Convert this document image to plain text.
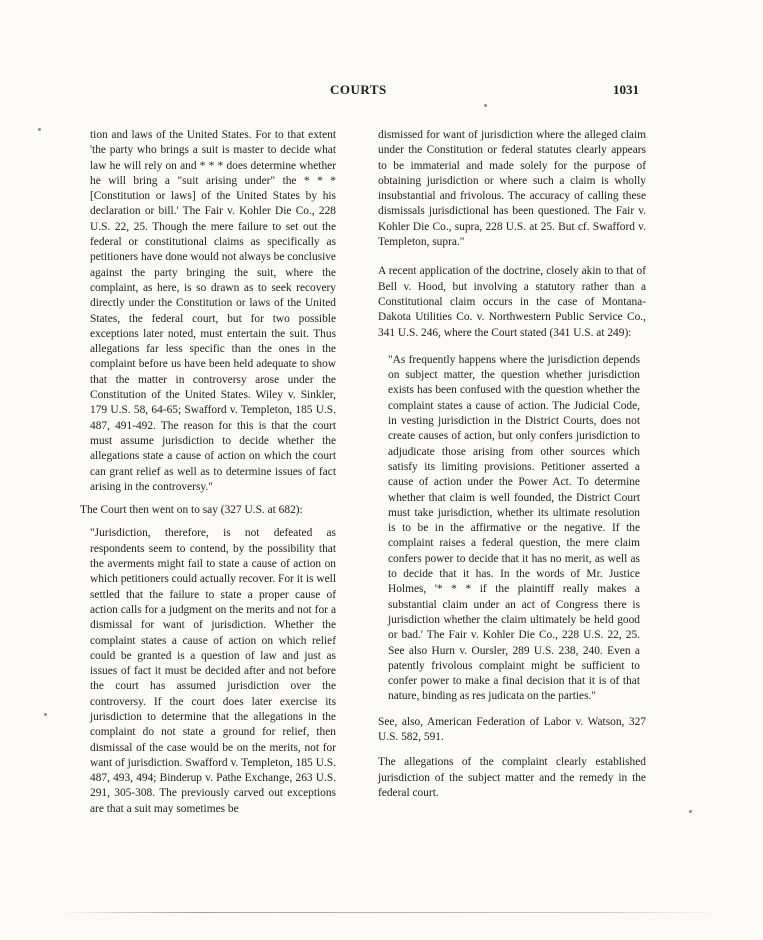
COURTS	1031

tion and laws of the United States. For to that extent 'the party who brings a suit is master to decide what law he will rely on and * * * does determine whether he will bring a "suit arising under" the * * * [Constitution or laws] of the United States by his declaration or bill.' The Fair v. Kohler Die Co., 228 U.S. 22, 25. Though the mere failure to set out the federal or constitutional claims as specifically as petitioners have done would not always be conclusive against the party bringing the suit, where the complaint, as here, is so drawn as to seek recovery directly under the Constitution or laws of the United States, the federal court, but for two possible exceptions later noted, must entertain the suit. Thus allegations far less specific than the ones in the complaint before us have been held adequate to show that the matter in controversy arose under the Constitution of the United States. Wiley v. Sinkler, 179 U.S. 58, 64-65; Swafford v. Templeton, 185 U.S. 487, 491-492. The reason for this is that the court must assume jurisdiction to decide whether the allegations state a cause of action on which the court can grant relief as well as to determine issues of fact arising in the controversy."

The Court then went on to say (327 U.S. at 682):

"Jurisdiction, therefore, is not defeated as respondents seem to contend, by the possibility that the averments might fail to state a cause of action on which petitioners could actually recover. For it is well settled that the failure to state a proper cause of action calls for a judgment on the merits and not for a dismissal for want of jurisdiction. Whether the complaint states a cause of action on which relief could be granted is a question of law and just as issues of fact it must be decided after and not before the court has assumed jurisdiction over the controversy. If the court does later exercise its jurisdiction to determine that the allegations in the complaint do not state a ground for relief, then dismissal of the case would be on the merits, not for want of jurisdiction. Swafford v. Templeton, 185 U.S. 487, 493, 494; Binderup v. Pathe Exchange, 263 U.S. 291, 305-308. The previously carved out exceptions are that a suit may sometimes be

dismissed for want of jurisdiction where the alleged claim under the Constitution or federal statutes clearly appears to be immaterial and made solely for the purpose of obtaining jurisdiction or where such a claim is wholly insubstantial and frivolous. The accuracy of calling these dismissals jurisdictional has been questioned. The Fair v. Kohler Die Co., supra, 228 U.S. at 25. But cf. Swafford v. Templeton, supra."

A recent application of the doctrine, closely akin to that of Bell v. Hood, but involving a statutory rather than a Constitutional claim occurs in the case of Montana-Dakota Utilities Co. v. Northwestern Public Service Co., 341 U.S. 246, where the Court stated (341 U.S. at 249):

"As frequently happens where the jurisdiction depends on subject matter, the question whether jurisdiction exists has been confused with the question whether the complaint states a cause of action. The Judicial Code, in vesting jurisdiction in the District Courts, does not create causes of action, but only confers jurisdiction to adjudicate those arising from other sources which satisfy its limiting provisions. Petitioner asserted a cause of action under the Power Act. To determine whether that claim is well founded, the District Court must take jurisdiction, whether its ultimate resolution is to be in the affirmative or the negative. If the complaint raises a federal question, the mere claim confers power to decide that it has no merit, as well as to decide that it has. In the words of Mr. Justice Holmes, '* * * if the plaintiff really makes a substantial claim under an act of Congress there is jurisdiction whether the claim ultimately be held good or bad.' The Fair v. Kohler Die Co., 228 U.S. 22, 25. See also Hurn v. Oursler, 289 U.S. 238, 240. Even a patently frivolous complaint might be sufficient to confer power to make a final decision that it is of that nature, binding as res judicata on the parties."

See, also, American Federation of Labor v. Watson, 327 U.S. 582, 591.

The allegations of the complaint clearly established jurisdiction of the subject matter and the remedy in the federal court.
